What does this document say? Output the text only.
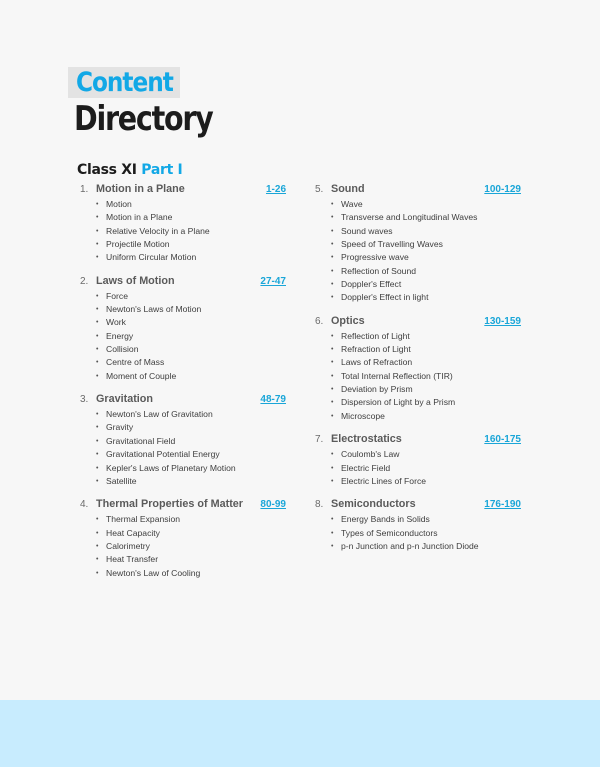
Content
Directory
Class XI Part I
1. Motion in a Plane	1-26
• Motion
• Motion in a Plane
• Relative Velocity in a Plane
• Projectile Motion
• Uniform Circular Motion
2. Laws of Motion	27-47
• Force
• Newton's Laws of Motion
• Work
• Energy
• Collision
• Centre of Mass
• Moment of Couple
3. Gravitation	48-79
• Newton's Law of Gravitation
• Gravity
• Gravitational Field
• Gravitational Potential Energy
• Kepler's Laws of Planetary Motion
• Satellite
4. Thermal Properties of Matter	80-99
• Thermal Expansion
• Heat Capacity
• Calorimetry
• Heat Transfer
• Newton's Law of Cooling
5. Sound	100-129
• Wave
• Transverse and Longitudinal Waves
• Sound waves
• Speed of Travelling Waves
• Progressive wave
• Reflection of Sound
• Doppler's Effect
• Doppler's Effect in light
6. Optics	130-159
• Reflection of Light
• Refraction of Light
• Laws of Refraction
• Total Internal Reflection (TIR)
• Deviation by Prism
• Dispersion of Light by a Prism
• Microscope
7. Electrostatics	160-175
• Coulomb's Law
• Electric Field
• Electric Lines of Force
8. Semiconductors	176-190
• Energy Bands in Solids
• Types of Semiconductors
• p-n Junction and p-n Junction Diode
